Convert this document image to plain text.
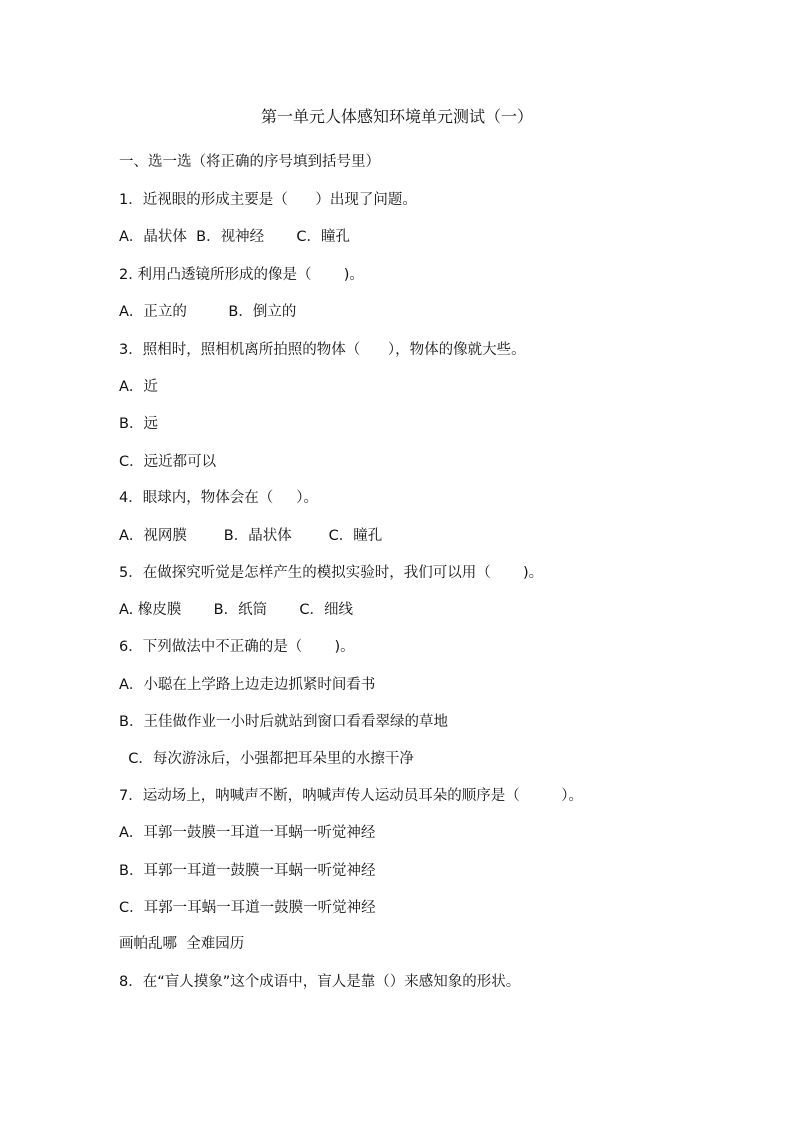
第一单元人体感知环境单元测试（一）
一、选一选（将正确的序号填到括号里）
1．近视眼的形成主要是（      ）出现了问题。
A．晶状体  B．视神经       C．瞳孔
2. 利用凸透镜所形成的像是（       )。
A．正立的         B．倒立的
3．照相时，照相机离所拍照的物体（      ），物体的像就大些。
A．近
B．远
C．远近都可以
4．眼球内，物体会在（     ）。
A．视网膜        B．晶状体        C．瞳孔
5．在做探究听觉是怎样产生的模拟实验时，我们可以用（       )。
A. 橡皮膜       B．纸筒       C．细线
6．下列做法中不正确的是（       )。
A．小聪在上学路上边走边抓紧时间看书
B．王佳做作业一小时后就站到窗口看看翠绿的草地
C．每次游泳后，小强都把耳朵里的水擦干净
7．运动场上，呐喊声不断，呐喊声传人运动员耳朵的顺序是（         ）。
A．耳郭一鼓膜一耳道一耳蜗一听觉神经
B．耳郭一耳道一鼓膜一耳蜗一听觉神经
C．耳郭一耳蜗一耳道一鼓膜一听觉神经
画帕乱哪  全难园历
8．在“盲人摸象”这个成语中，盲人是靠（）来感知象的形状。
